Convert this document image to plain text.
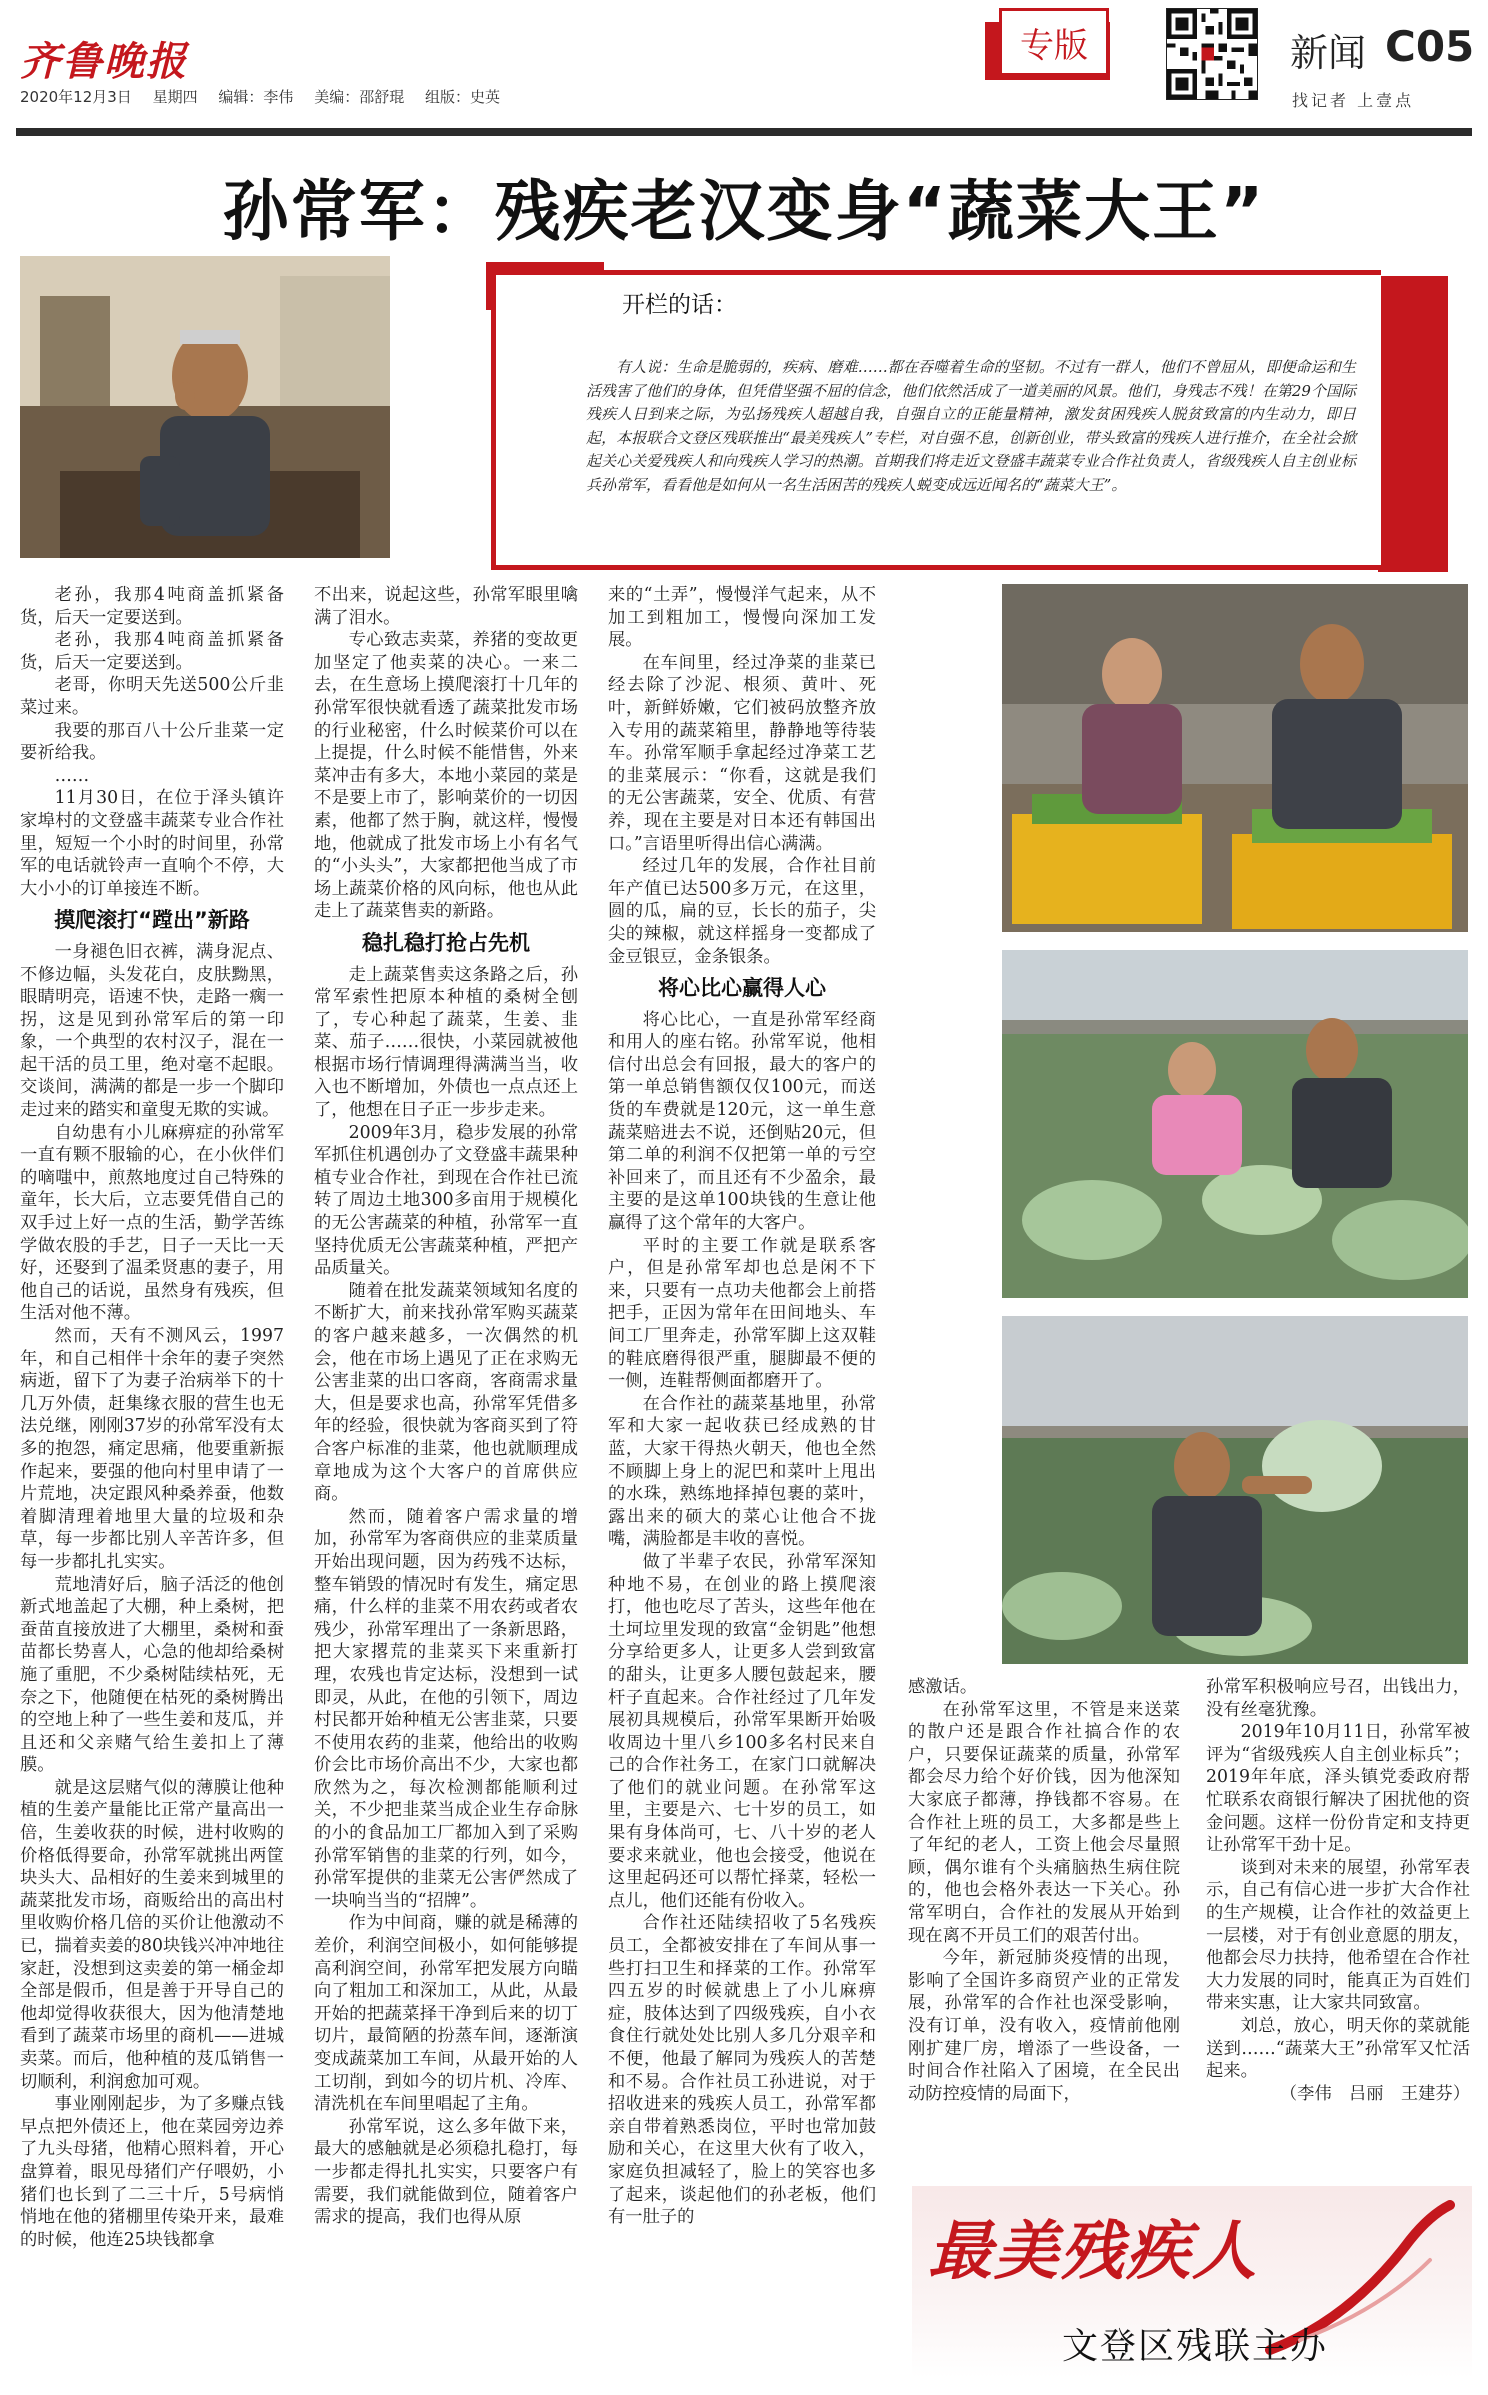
齐鲁晚报
2020年12月3日 星期四 编辑：李伟 美编：邵舒琨 组版：史英
专版	新闻 C05
找记者 上壹点
孙常军：残疾老汉变身“蔬菜大王”
开栏的话：
有人说：生命是脆弱的，疾病、磨难……都在吞噬着生命的坚韧。不过有一群人，他们不曾屈从，即便命运和生活残害了他们的身体，但凭借坚强不屈的信念，他们依然活成了一道美丽的风景。他们，身残志不残！在第29个国际残疾人日到来之际，为弘扬残疾人超越自我，自强自立的正能量精神，激发贫困残疾人脱贫致富的内生动力，即日起，本报联合文登区残联推出“最美残疾人”专栏，对自强不息，创新创业，带头致富的残疾人进行推介，在全社会掀起关心关爱残疾人和向残疾人学习的热潮。首期我们将走近文登盛丰蔬菜专业合作社负责人，省级残疾人自主创业标兵孙常军，看看他是如何从一名生活困苦的残疾人蜕变成远近闻名的“蔬菜大王”。

老孙，我那4吨商盖抓紧备货，后天一定要送到。

老孙，我那4吨商盖抓紧备货，后天一定要送到。

老哥，你明天先送500公斤韭菜过来。

我要的那百八十公斤韭菜一定要祈给我。

……

11月30日，在位于泽头镇许家埠村的文登盛丰蔬菜专业合作社里，短短一个小时的时间里，孙常军的电话就铃声一直响个不停，大大小小的订单接连不断。

摸爬滚打“蹚出”新路

一身褪色旧衣裤，满身泥点、不修边幅，头发花白，皮肤黝黑，眼睛明亮，语速不快，走路一瘸一拐，这是见到孙常军后的第一印象，一个典型的农村汉子，混在一起干活的员工里，绝对毫不起眼。交谈间，满满的都是一步一个脚印走过来的踏实和童叟无欺的实诚。

自幼患有小儿麻痹症的孙常军一直有颗不服输的心，在小伙伴们的嘀嗤中，煎熬地度过自己特殊的童年，长大后，立志要凭借自己的双手过上好一点的生活，勤学苦练学做农股的手艺，日子一天比一天好，还娶到了温柔贤惠的妻子，用他自己的话说，虽然身有残疾，但生活对他不薄。

然而，天有不测风云，1997年，和自己相伴十余年的妻子突然病逝，留下了为妻子治病举下的十几万外债，赶集缘衣服的营生也无法兑继，刚刚37岁的孙常军没有太多的抱怨，痛定思痛，他要重新振作起来，要强的他向村里申请了一片荒地，决定跟风种桑养蚕，他数着脚清理着地里大量的垃圾和杂草，每一步都比别人辛苦许多，但每一步都扎扎实实。

荒地清好后，脑子活泛的他创新式地盖起了大棚，种上桑树，把蚕苗直接放进了大棚里，桑树和蚕苗都长势喜人，心急的他却给桑树施了重肥，不少桑树陆续枯死，无奈之下，他随便在枯死的桑树腾出的空地上种了一些生姜和芨瓜，并且还和父亲赌气给生姜扣上了薄膜。

就是这层赌气似的薄膜让他种植的生姜产量能比正常产量高出一倍，生姜收获的时候，进村收购的价格低得要命，孙常军就挑出两筐块头大、品相好的生姜来到城里的蔬菜批发市场，商贩给出的高出村里收购价格几倍的买价让他激动不已，揣着卖姜的80块钱兴冲冲地往家赶，没想到这卖姜的第一桶金却全部是假币，但是善于开导自己的他却觉得收获很大，因为他清楚地看到了蔬菜市场里的商机——进城卖菜。而后，他种植的芨瓜销售一切顺利，利润愈加可观。

事业刚刚起步，为了多赚点钱早点把外债还上，他在菜园旁边养了九头母猪，他精心照料着，开心盘算着，眼见母猪们产仔喂奶，小猪们也长到了二三十斤，5号病悄悄地在他的猪棚里传染开来，最难的时候，他连25块钱都拿

不出来，说起这些，孙常军眼里噙满了泪水。

专心致志卖菜，养猪的变故更加坚定了他卖菜的决心。一来二去，在生意场上摸爬滚打十几年的孙常军很快就看透了蔬菜批发市场的行业秘密，什么时候菜价可以在上提提，什么时候不能惜售，外来菜冲击有多大，本地小菜园的菜是不是要上市了，影响菜价的一切因素，他都了然于胸，就这样，慢慢地，他就成了批发市场上小有名气的“小头头”，大家都把他当成了市场上蔬菜价格的风向标，他也从此走上了蔬菜售卖的新路。

稳扎稳打抢占先机

走上蔬菜售卖这条路之后，孙常军索性把原本种植的桑树全刨了，专心种起了蔬菜，生姜、韭菜、茄子……很快，小菜园就被他根据市场行情调理得满满当当，收入也不断增加，外债也一点点还上了，他想在日子正一步步走来。

2009年3月，稳步发展的孙常军抓住机遇创办了文登盛丰蔬果种植专业合作社，到现在合作社已流转了周边土地300多亩用于规模化的无公害蔬菜的种植，孙常军一直坚持优质无公害蔬菜种植，严把产品质量关。

随着在批发蔬菜领域知名度的不断扩大，前来找孙常军购买蔬菜的客户越来越多，一次偶然的机会，他在市场上遇见了正在求购无公害韭菜的出口客商，客商需求量大，但是要求也高，孙常军凭借多年的经验，很快就为客商买到了符合客户标准的韭菜，他也就顺理成章地成为这个大客户的首席供应商。

然而，随着客户需求量的增加，孙常军为客商供应的韭菜质量开始出现问题，因为药残不达标，整车销毁的情况时有发生，痛定思痛，什么样的韭菜不用农药或者农残少，孙常军理出了一条新思路，把大家撂荒的韭菜买下来重新打理，农残也肯定达标，没想到一试即灵，从此，在他的引领下，周边村民都开始种植无公害韭菜，只要不使用农药的韭菜，他给出的收购价会比市场价高出不少，大家也都欣然为之，每次检测都能顺利过关，不少把韭菜当成企业生存命脉的小的食品加工厂都加入到了采购孙常军销售的韭菜的行列，如今，孙常军提供的韭菜无公害俨然成了一块响当当的“招牌”。

作为中间商，赚的就是稀薄的差价，利润空间极小，如何能够提高利润空间，孙常军把发展方向瞄向了粗加工和深加工，从此，从最开始的把蔬菜择干净到后来的切丁切片，最简陋的扮蒸车间，逐渐演变成蔬菜加工车间，从最开始的人工切削，到如今的切片机、冷库、清洗机在车间里唱起了主角。

孙常军说，这么多年做下来，最大的感触就是必须稳扎稳打，每一步都走得扎扎实实，只要客户有需要，我们就能做到位，随着客户需求的提高，我们也得从原

来的“土弄”，慢慢洋气起来，从不加工到粗加工，慢慢向深加工发展。

在车间里，经过净菜的韭菜已经去除了沙泥、根须、黄叶、死叶，新鲜娇嫩，它们被码放整齐放入专用的蔬菜箱里，静静地等待装车。孙常军顺手拿起经过净菜工艺的韭菜展示：“你看，这就是我们的无公害蔬菜，安全、优质、有营养，现在主要是对日本还有韩国出口。”言语里听得出信心满满。

经过几年的发展，合作社目前年产值已达500多万元，在这里，圆的瓜，扁的豆，长长的茄子，尖尖的辣椒，就这样摇身一变都成了金豆银豆，金条银条。

将心比心赢得人心

将心比心，一直是孙常军经商和用人的座右铭。孙常军说，他相信付出总会有回报，最大的客户的第一单总销售额仅仅100元，而送货的车费就是120元，这一单生意蔬菜赔进去不说，还倒贴20元，但第二单的利润不仅把第一单的亏空补回来了，而且还有不少盈余，最主要的是这单100块钱的生意让他赢得了这个常年的大客户。

平时的主要工作就是联系客户，但是孙常军却也总是闲不下来，只要有一点功夫他都会上前搭把手，正因为常年在田间地头、车间工厂里奔走，孙常军脚上这双鞋的鞋底磨得很严重，腿脚最不便的一侧，连鞋帮侧面都磨开了。

在合作社的蔬菜基地里，孙常军和大家一起收获已经成熟的甘蓝，大家干得热火朝天，他也全然不顾脚上身上的泥巴和菜叶上甩出的水珠，熟练地择掉包裹的菜叶，露出来的硕大的菜心让他合不拢嘴，满脸都是丰收的喜悦。

做了半辈子农民，孙常军深知种地不易，在创业的路上摸爬滚打，他也吃尽了苦头，这些年他在土坷垃里发现的致富“金钥匙”他想分享给更多人，让更多人尝到致富的甜头，让更多人腰包鼓起来，腰杆子直起来。合作社经过了几年发展初具规模后，孙常军果断开始吸收周边十里八乡100多名村民来自己的合作社务工，在家门口就解决了他们的就业问题。在孙常军这里，主要是六、七十岁的员工，如果有身体尚可，七、八十岁的老人要求来就业，他也会接受，他说在这里起码还可以帮忙择菜，轻松一点儿，他们还能有份收入。

合作社还陆续招收了5名残疾员工，全都被安排在了车间从事一些打扫卫生和择菜的工作。孙常军四五岁的时候就患上了小儿麻痹症，肢体达到了四级残疾，自小衣食住行就处处比别人多几分艰辛和不便，他最了解同为残疾人的苦楚和不易。合作社员工孙进说，对于招收进来的残疾人员工，孙常军都亲自带着熟悉岗位，平时也常加鼓励和关心，在这里大伙有了收入，家庭负担减轻了，脸上的笑容也多了起来，谈起他们的孙老板，他们有一肚子的

感激话。

在孙常军这里，不管是来送菜的散户还是跟合作社搞合作的农户，只要保证蔬菜的质量，孙常军都会尽力给个好价钱，因为他深知大家底子都薄，挣钱都不容易。在合作社上班的员工，大多都是些上了年纪的老人，工资上他会尽量照顾，偶尔谁有个头痛脑热生病住院的，他也会格外表达一下关心。孙常军明白，合作社的发展从开始到现在离不开员工们的艰苦付出。

今年，新冠肺炎疫情的出现，影响了全国许多商贸产业的正常发展，孙常军的合作社也深受影响，没有订单，没有收入，疫情前他刚刚扩建厂房，增添了一些设备，一时间合作社陷入了困境，在全民出动防控疫情的局面下，

孙常军积极响应号召，出钱出力，没有丝毫犹豫。

2019年10月11日，孙常军被评为“省级残疾人自主创业标兵”；2019年年底，泽头镇党委政府帮忙联系农商银行解决了困扰他的资金问题。这样一份份肯定和支持更让孙常军干劲十足。

谈到对未来的展望，孙常军表示，自己有信心进一步扩大合作社的生产规模，让合作社的效益更上一层楼，对于有创业意愿的朋友，他都会尽力扶持，他希望在合作社大力发展的同时，能真正为百姓们带来实惠，让大家共同致富。

刘总，放心，明天你的菜就能送到……“蔬菜大王”孙常军又忙活起来。

（李伟　吕丽　王建芬）

最美残疾人
文登区残联主办
